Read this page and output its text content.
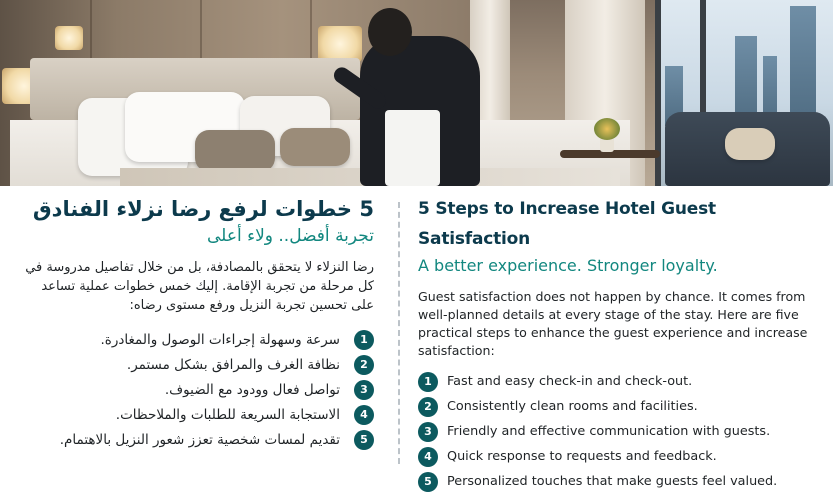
5 خطوات لرفع رضا نزلاء الفنادق

تجربة أفضل.. ولاء أعلى

رضا النزلاء لا يتحقق بالمصادفة، بل من خلال تفاصيل مدروسة في كل مرحلة من تجربة الإقامة. إليك خمس خطوات عملية تساعد على تحسين تجربة النزيل ورفع مستوى رضاه:

1
سرعة وسهولة إجراءات الوصول والمغادرة.
2
نظافة الغرف والمرافق بشكل مستمر.
3
تواصل فعال وودود مع الضيوف.
4
الاستجابة السريعة للطلبات والملاحظات.
5
تقديم لمسات شخصية تعزز شعور النزيل بالاهتمام.
5 Steps to Increase Hotel Guest Satisfaction

A better experience. Stronger loyalty.

Guest satisfaction does not happen by chance. It comes from well-planned details at every stage of the stay. Here are five practical steps to enhance the guest experience and increase satisfaction:

1	Fast and easy check-in and check-out.
2	Consistently clean rooms and facilities.
3	Friendly and effective communication with guests.
4	Quick response to requests and feedback.
5	Personalized touches that make guests feel valued.
